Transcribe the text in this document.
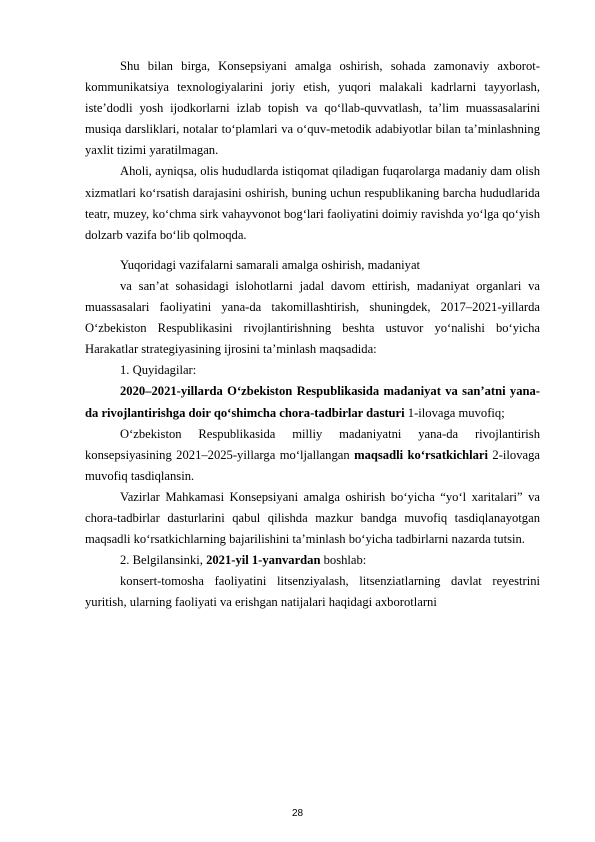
Shu bilan birga, Konsepsiyani amalga oshirish, sohada zamonaviy axborot-kommunikatsiya texnologiyalarini joriy etish, yuqori malakali kadrlarni tayyorlash, iste’dodli yosh ijodkorlarni izlab topish va qo‘llab-quvvatlash, ta’lim muassasalarini musiqa darsliklari, notalar to‘plamlari va o‘quv-metodik adabiyotlar bilan ta’minlashning yaxlit tizimi yaratilmagan.

Aholi, ayniqsa, olis hududlarda istiqomat qiladigan fuqarolarga madaniy dam olish xizmatlari ko‘rsatish darajasini oshirish, buning uchun respublikaning barcha hududlarida teatr, muzey, ko‘chma sirk vahayvonot bog‘lari faoliyatini doimiy ravishda yo‘lga qo‘yish dolzarb vazifa bo‘lib qolmoqda.

Yuqoridagi vazifalarni samarali amalga oshirish, madaniyat

va san’at sohasidagi islohotlarni jadal davom ettirish, madaniyat organlari va muassasalari faoliyatini yana-da takomillashtirish, shuningdek, 2017–2021-yillarda O‘zbekiston Respublikasini rivojlantirishning beshta ustuvor yo‘nalishi bo‘yicha Harakatlar strategiyasining ijrosini ta’minlash maqsadida:

1. Quyidagilar:

2020–2021-yillarda O‘zbekiston Respublikasida madaniyat va san’atni yana-da rivojlantirishga doir qo‘shimcha chora-tadbirlar dasturi 1-ilovaga muvofiq;

O‘zbekiston Respublikasida milliy madaniyatni yana-da rivojlantirish konsepsiyasining 2021–2025-yillarga mo‘ljallangan maqsadli ko‘rsatkichlari 2-ilovaga muvofiq tasdiqlansin.

Vazirlar Mahkamasi Konsepsiyani amalga oshirish bo‘yicha “yo‘l xaritalari” va chora-tadbirlar dasturlarini qabul qilishda mazkur bandga muvofiq tasdiqlanayotgan maqsadli ko‘rsatkichlarning bajarilishini ta’minlash bo‘yicha tadbirlarni nazarda tutsin.

2. Belgilansinki, 2021-yil 1-yanvardan boshlab:

konsert-tomosha faoliyatini litsenziyalash, litsenziatlarning davlat reyestrini yuritish, ularning faoliyati va erishgan natijalari haqidagi axborotlarni

28
